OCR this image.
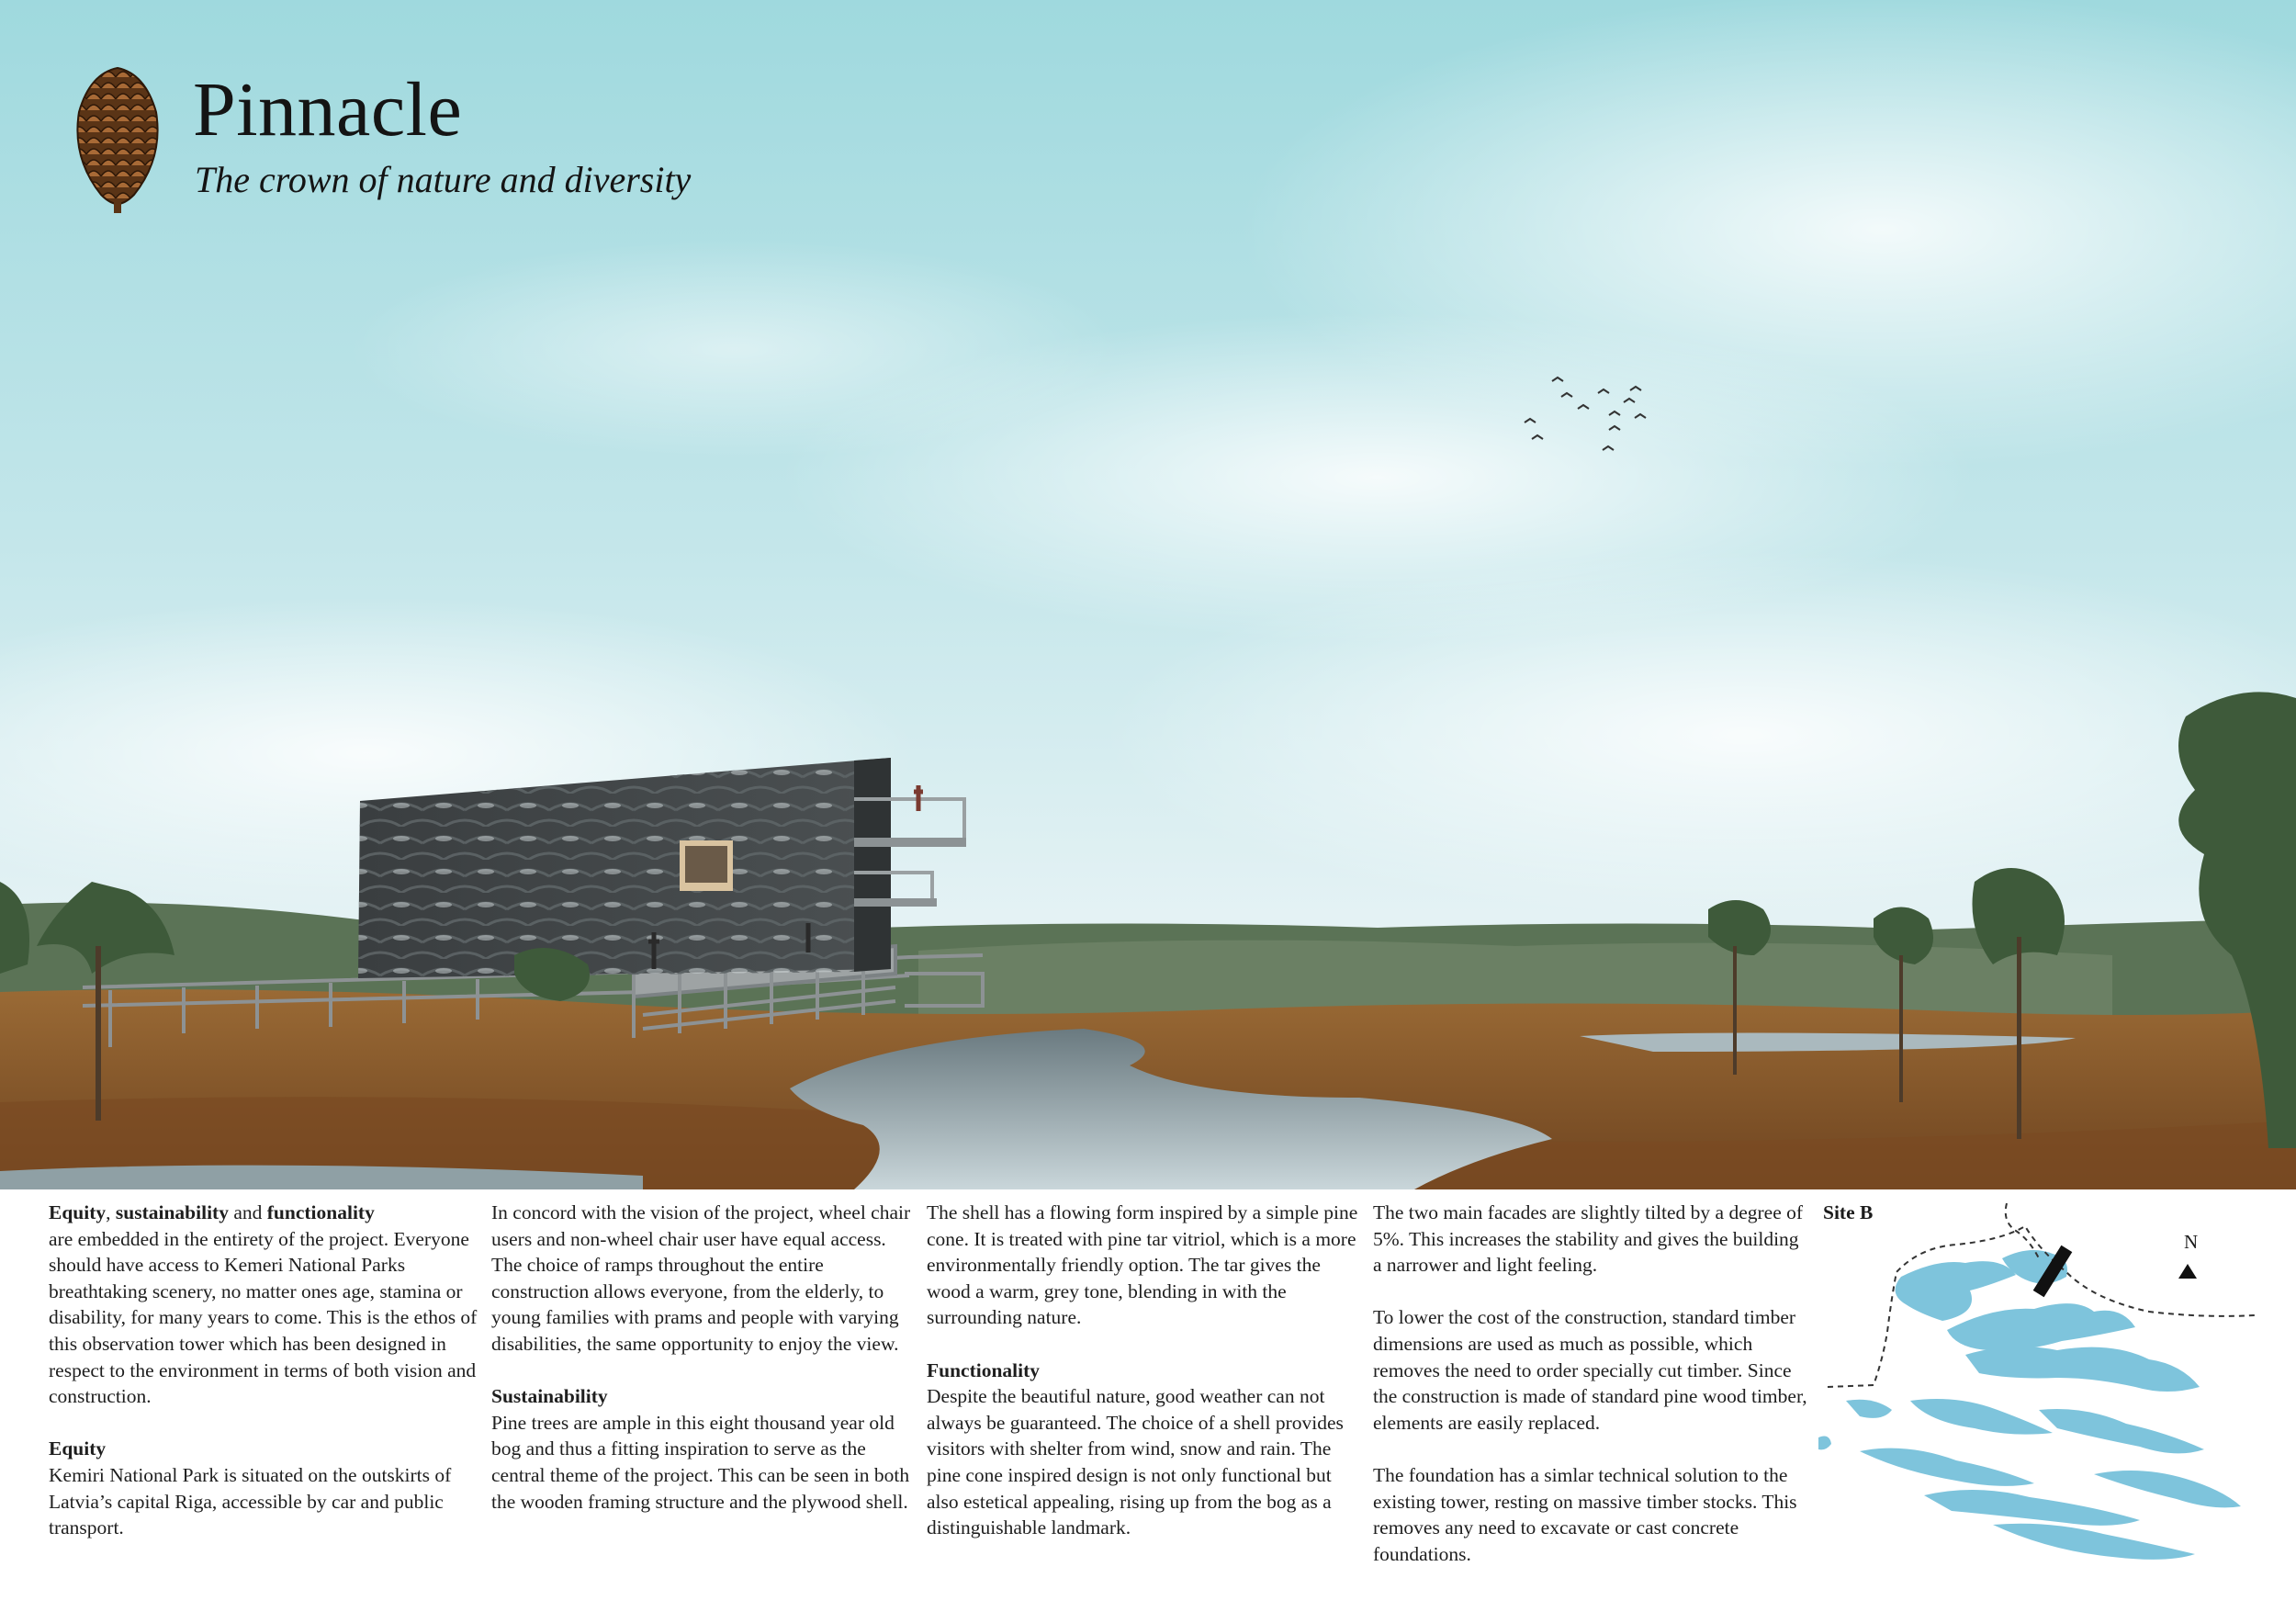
Pinnacle
The crown of nature and diversity

Equity, sustainability and functionality
are embedded in the entirety of the project. Everyone should have access to Kemeri National Parks breathtaking scenery, no matter ones age, stamina or disability, for many years to come. This is the ethos of this observation tower which has been designed in respect to the environment in terms of both vision and construction.

Equity

Kemiri National Park is situated on the outskirts of Latvia’s capital Riga, accessible by car and public transport.

In concord with the vision of the project, wheel chair users and non-wheel chair user have equal access. The choice of ramps throughout the entire construction allows everyone, from the elderly, to young families with prams and people with varying disabilities, the same opportunity to enjoy the view.

Sustainability

Pine trees are ample in this eight thousand year old bog and thus a fitting inspiration to serve as the central theme of the project. This can be seen in both the wooden framing structure and the plywood shell.

The shell has a flowing form inspired by a simple pine cone. It is treated with pine tar vitriol, which is a more environmentally friendly option. The tar gives the wood a warm, grey tone, blending in with the surrounding nature.

Functionality

Despite the beautiful nature, good weather can not always be guaranteed. The choice of a shell provides visitors with shelter from wind, snow and rain. The pine cone inspired design is not only functional but also estetical appealing, rising up from the bog as a distinguishable landmark.

The two main facades are slightly tilted by a degree of 5%. This increases the stability and gives the building a narrower and light feeling.

To lower the cost of the construction, standard timber dimensions are used as much as possible, which removes the need to order specially cut timber. Since the construction is made of standard pine wood timber, elements are easily replaced.

The foundation has a simlar technical solution to the existing tower, resting on massive timber stocks. This removes any need to excavate or cast concrete foundations.

Site B
N
